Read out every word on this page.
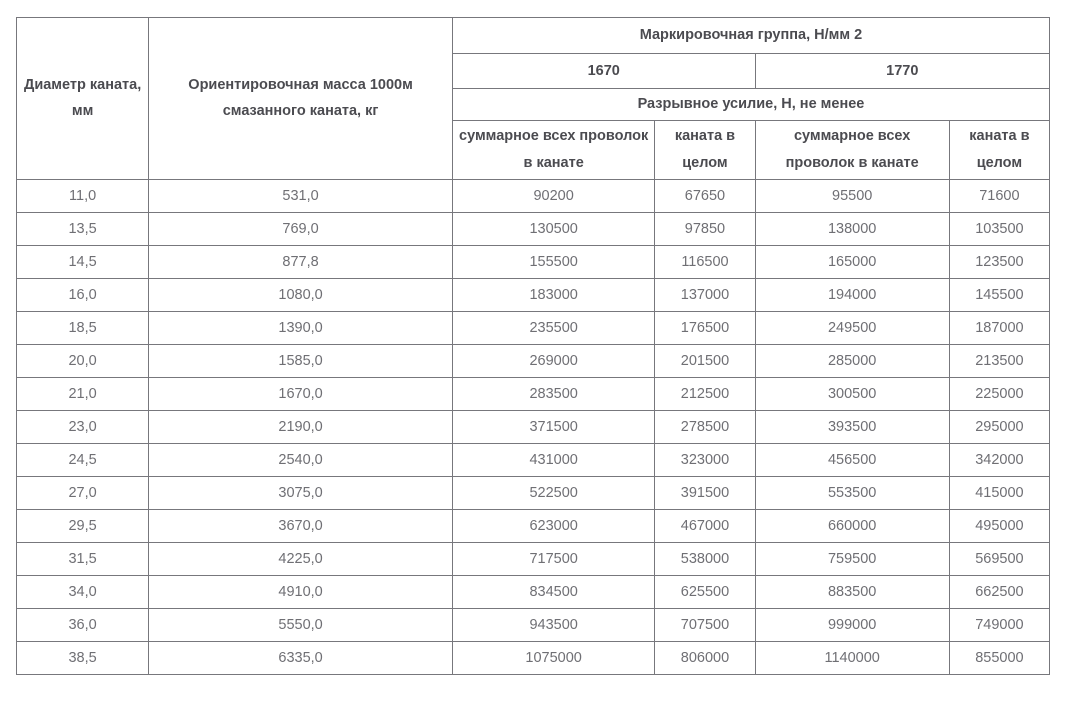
Диаметр каната, мм	Ориентировочная масса 1000м смазанного каната, кг	Маркировочная группа, Н/мм 2			
		1670		1770	
		Разрывное усилие, Н, не менее			
		суммарное всех проволок в канате	каната в целом	суммарное всех проволок в канате	каната в целом
11,0	531,0	90200	67650	95500	71600
13,5	769,0	130500	97850	138000	103500
14,5	877,8	155500	116500	165000	123500
16,0	1080,0	183000	137000	194000	145500
18,5	1390,0	235500	176500	249500	187000
20,0	1585,0	269000	201500	285000	213500
21,0	1670,0	283500	212500	300500	225000
23,0	2190,0	371500	278500	393500	295000
24,5	2540,0	431000	323000	456500	342000
27,0	3075,0	522500	391500	553500	415000
29,5	3670,0	623000	467000	660000	495000
31,5	4225,0	717500	538000	759500	569500
34,0	4910,0	834500	625500	883500	662500
36,0	5550,0	943500	707500	999000	749000
38,5	6335,0	1075000	806000	1140000	855000
